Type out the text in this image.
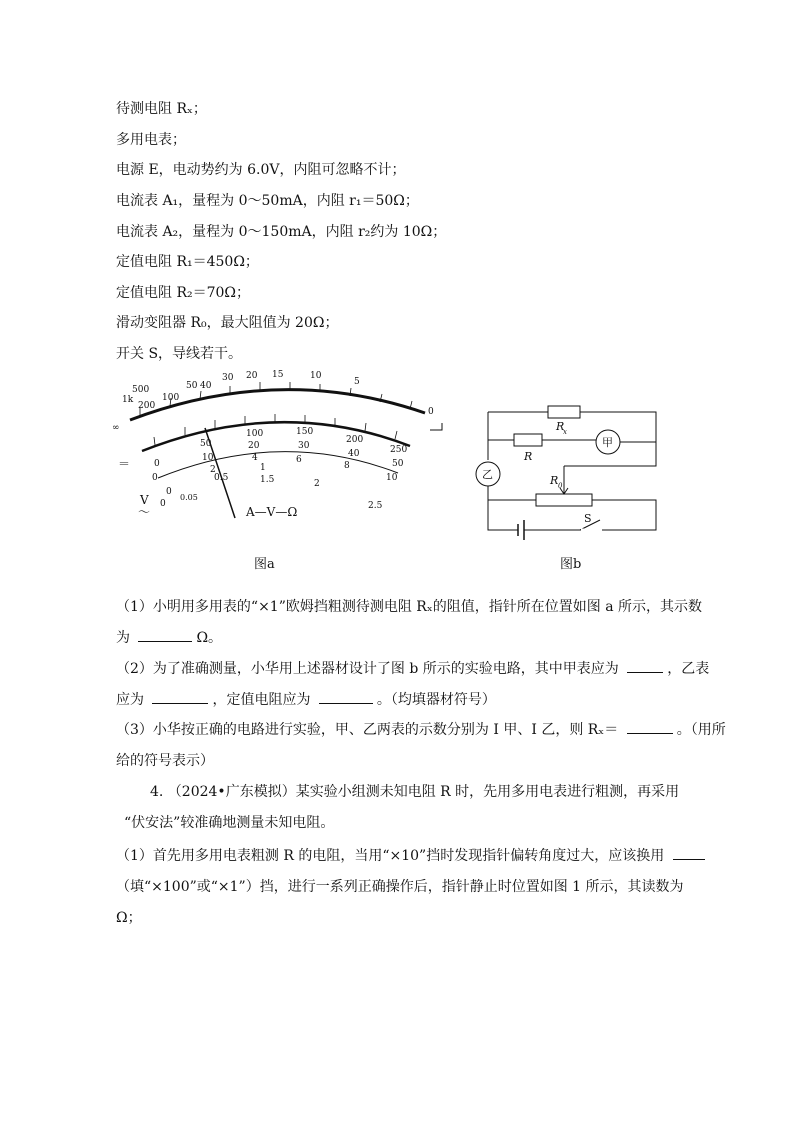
待测电阻 Rₓ；
多用电表；
电源 E，电动势约为 6.0V，内阻可忽略不计；
电流表 A₁，量程为 0～50mA，内阻 r₁＝50Ω；
电流表 A₂，量程为 0～150mA，内阻 r₂约为 10Ω；
定值电阻 R₁＝450Ω；
定值电阻 R₂＝70Ω；
滑动变阻器 R₀，最大阻值为 20Ω；
开关 S，导线若干。
∞
1k
500
200
100
50 40
30 20 15	10
5
0
0
50
100	150
200
250
0
10
20	30
40
50
0
2
4	6
8
10
0
0.05
0.5
1
1.5	2
2.5
＝
V
～	A—V—Ω
图a
R
x
R
R 0
S
甲
乙
图b
（1）小明用多用表的“×1”欧姆挡粗测待测电阻 Rₓ的阻值，指针所在位置如图 a 所示，其示数
为	Ω。
（2）为了准确测量，小华用上述器材设计了图 b 所示的实验电路，其中甲表应为	，乙表
应为	，定值电阻应为	。（均填器材符号）
（3）小华按正确的电路进行实验，甲、乙两表的示数分别为 I 甲、I 乙，则 Rₓ＝	。（用所
给的符号表示）
4. （2024•广东模拟）某实验小组测未知电阻 R 时，先用多用电表进行粗测，再采用
“伏安法”较准确地测量未知电阻。
（1）首先用多用电表粗测 R 的电阻，当用“×10”挡时发现指针偏转角度过大，应该换用
（填“×100”或“×1”）挡，进行一系列正确操作后，指针静止时位置如图 1 所示，其读数为
Ω；
